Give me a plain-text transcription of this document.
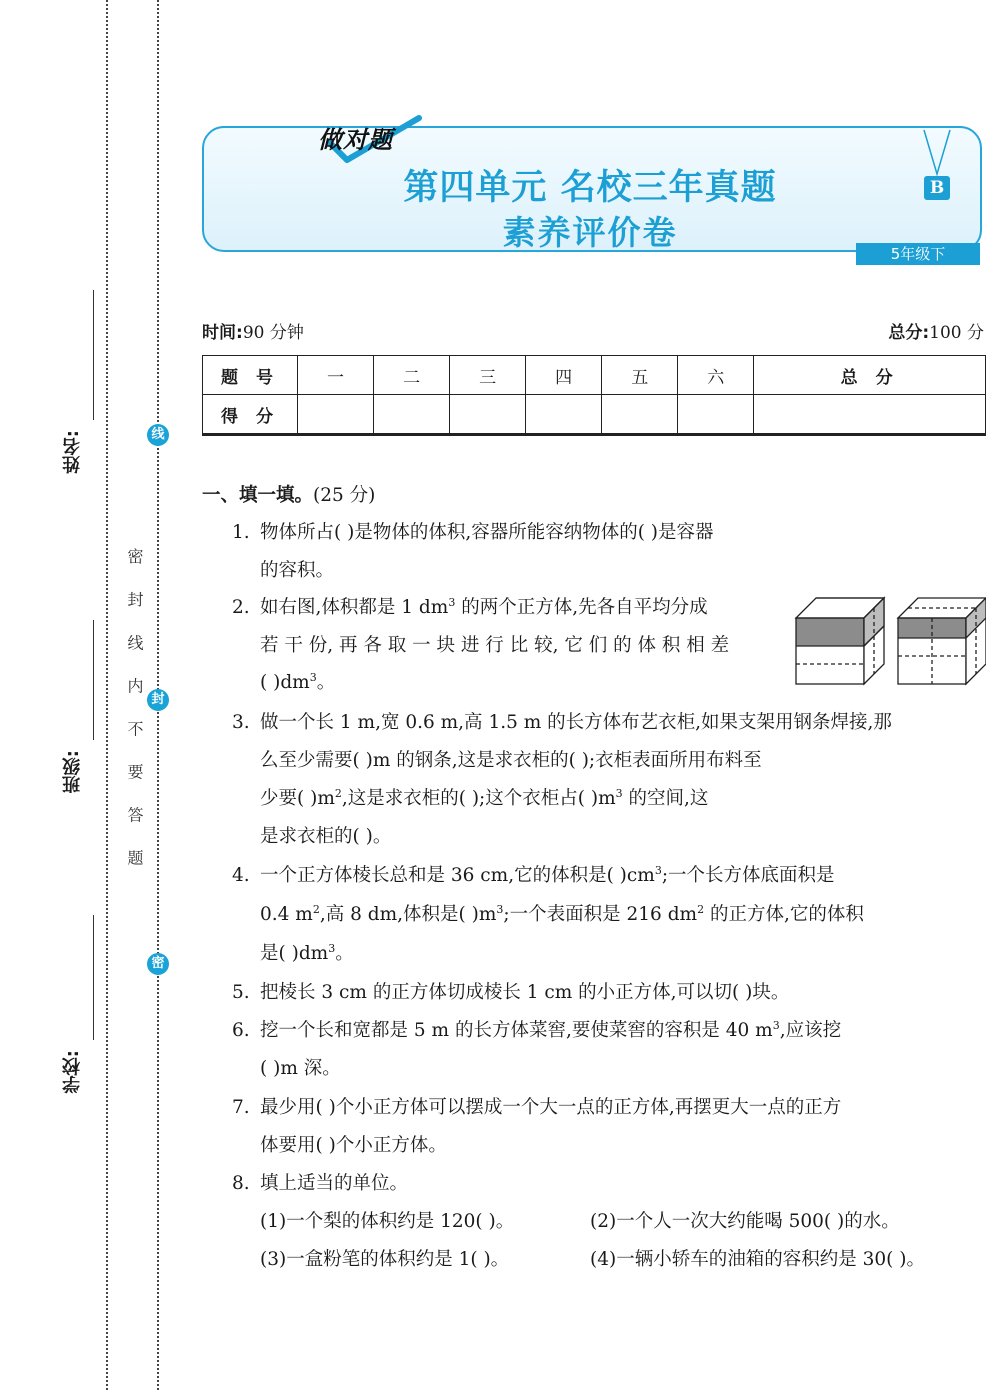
姓名:
班级:
学校:
线
封
密
密 封 线 内 不 要 答 题
做对题
第四单元 名校三年真题
素养评价卷
B
5年级下
时间:90 分钟	总分:100 分
题 号	一	二	三	四	五	六	总 分
得 分							
一、填一填。(25 分)
1. 物体所占( )是物体的体积,容器所能容纳物体的( )是容器
的容积。
2. 如右图,体积都是 1 $dm^3$ 的两个正方体,先各自平均分成
若 干 份, 再 各 取 一 块 进 行 比 较, 它 们 的 体 积 相 差
( )$dm^3$。
3. 做一个长 1 m,宽 0.6 m,高 1.5 m 的长方体布艺衣柜,如果支架用钢条焊接,那
么至少需要( )m 的钢条,这是求衣柜的( );衣柜表面所用布料至
少要( )$m^2$,这是求衣柜的( );这个衣柜占( )$m^3$ 的空间,这
是求衣柜的( )。
4. 一个正方体棱长总和是 36 cm,它的体积是( )$cm^3$;一个长方体底面积是
0.4 $m^2$,高 8 dm,体积是( )$m^3$;一个表面积是 216 $dm^2$ 的正方体,它的体积
是( )$dm^3$。
5. 把棱长 3 cm 的正方体切成棱长 1 cm 的小正方体,可以切( )块。
6. 挖一个长和宽都是 5 m 的长方体菜窖,要使菜窖的容积是 40 $m^3$,应该挖
( )m 深。
7. 最少用( )个小正方体可以摆成一个大一点的正方体,再摆更大一点的正方
体要用( )个小正方体。
8. 填上适当的单位。
(1)一个梨的体积约是 120( )。	(2)一个人一次大约能喝 500( )的水。
(3)一盒粉笔的体积约是 1( )。	(4)一辆小轿车的油箱的容积约是 30( )。
